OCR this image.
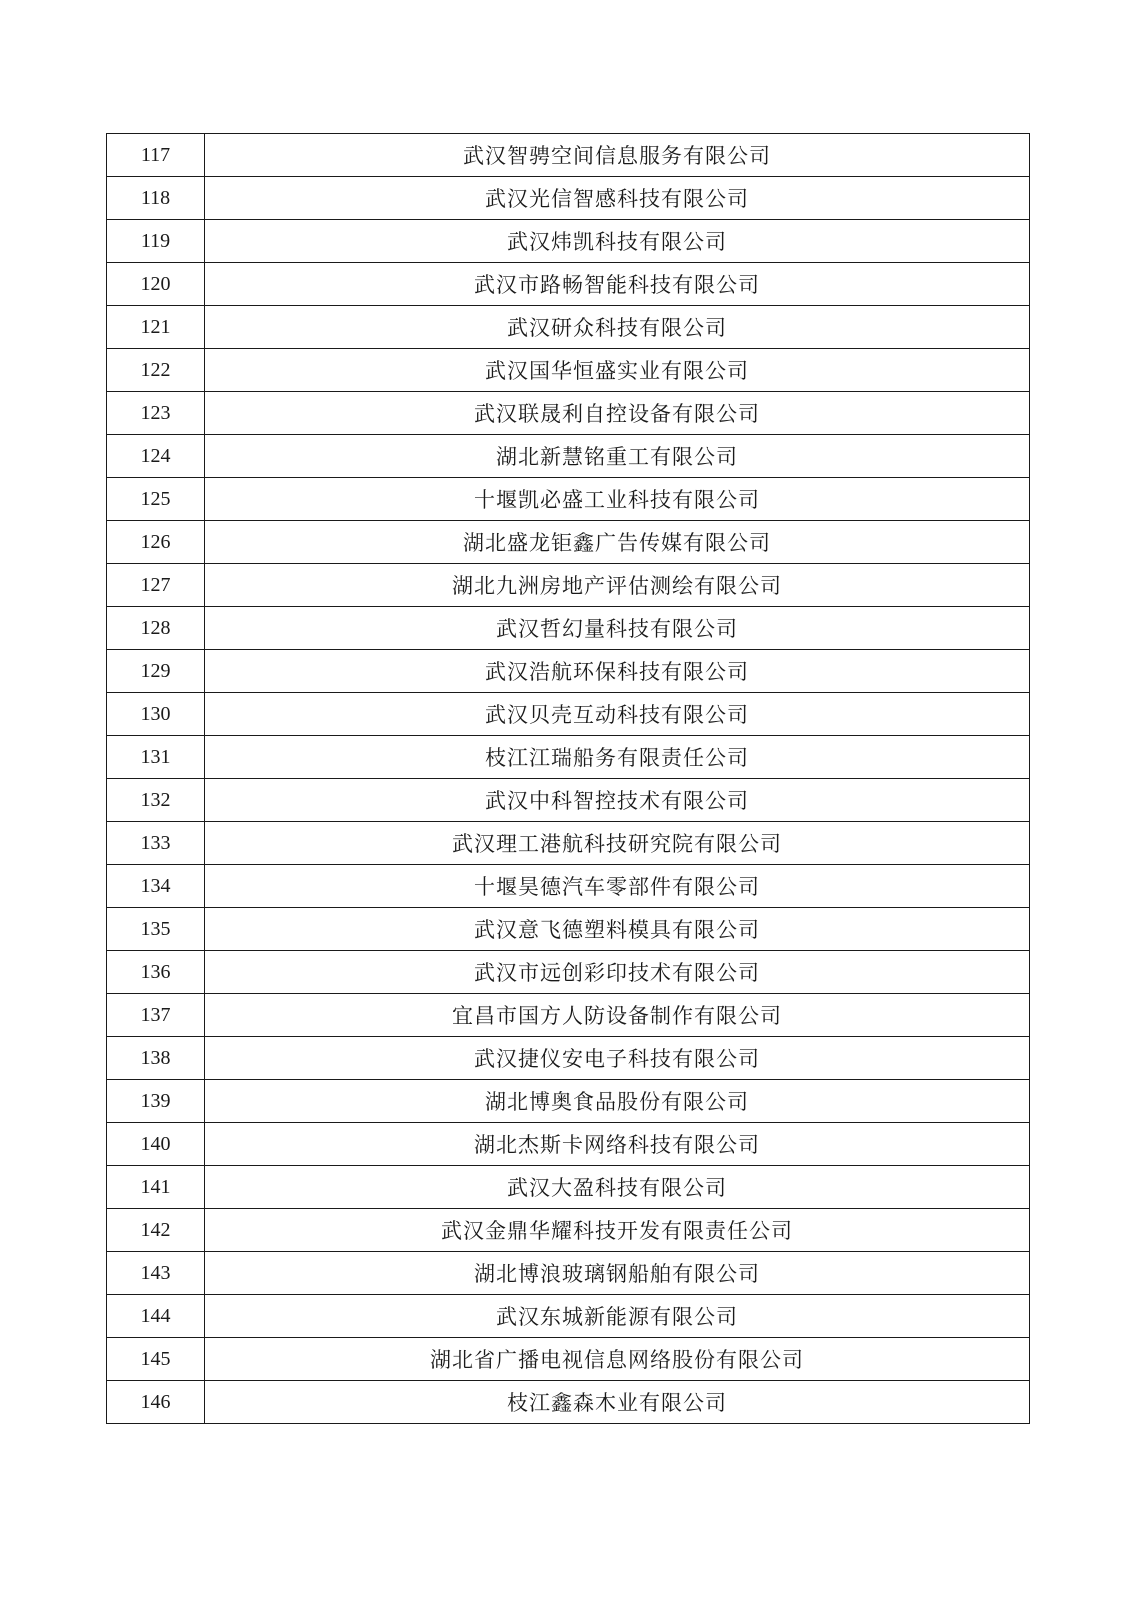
117	武汉智骋空间信息服务有限公司
118	武汉光信智感科技有限公司
119	武汉炜凯科技有限公司
120	武汉市路畅智能科技有限公司
121	武汉研众科技有限公司
122	武汉国华恒盛实业有限公司
123	武汉联晟利自控设备有限公司
124	湖北新慧铭重工有限公司
125	十堰凯必盛工业科技有限公司
126	湖北盛龙钜鑫广告传媒有限公司
127	湖北九洲房地产评估测绘有限公司
128	武汉哲幻量科技有限公司
129	武汉浩航环保科技有限公司
130	武汉贝壳互动科技有限公司
131	枝江江瑞船务有限责任公司
132	武汉中科智控技术有限公司
133	武汉理工港航科技研究院有限公司
134	十堰昊德汽车零部件有限公司
135	武汉意飞德塑料模具有限公司
136	武汉市远创彩印技术有限公司
137	宜昌市国方人防设备制作有限公司
138	武汉捷仪安电子科技有限公司
139	湖北博奥食品股份有限公司
140	湖北杰斯卡网络科技有限公司
141	武汉大盈科技有限公司
142	武汉金鼎华耀科技开发有限责任公司
143	湖北博浪玻璃钢船舶有限公司
144	武汉东城新能源有限公司
145	湖北省广播电视信息网络股份有限公司
146	枝江鑫森木业有限公司
